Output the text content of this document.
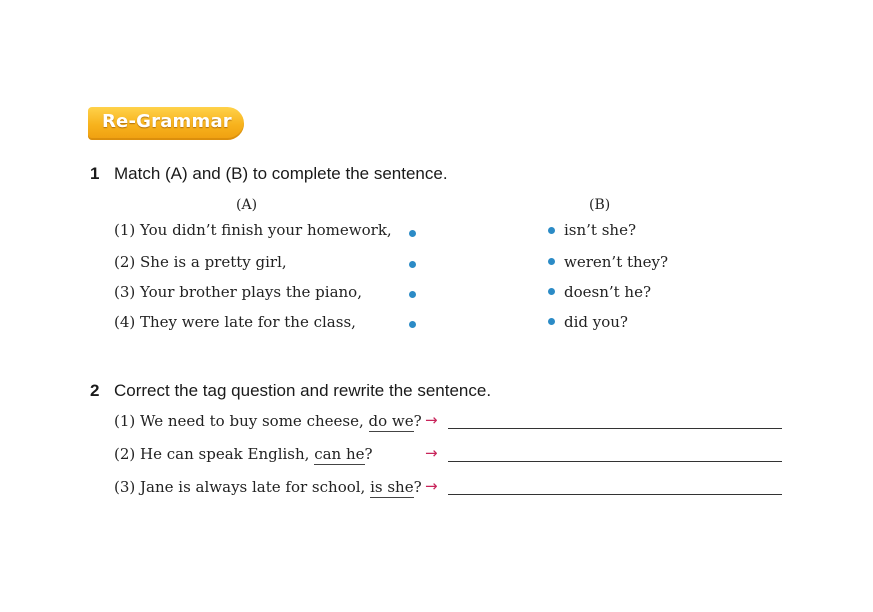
Re-Grammar
1 Match (A) and (B) to complete the sentence.
(A)	(B)
(1) You didn’t finish your homework,
(2) She is a pretty girl,
(3) Your brother plays the piano,
(4) They were late for the class,
isn’t she?
weren’t they?
doesn’t he?
did you?
2 Correct the tag question and rewrite the sentence.
(1) We need to buy some cheese, do we?
(2) He can speak English, can he?
(3) Jane is always late for school, is she?
→
→
→
